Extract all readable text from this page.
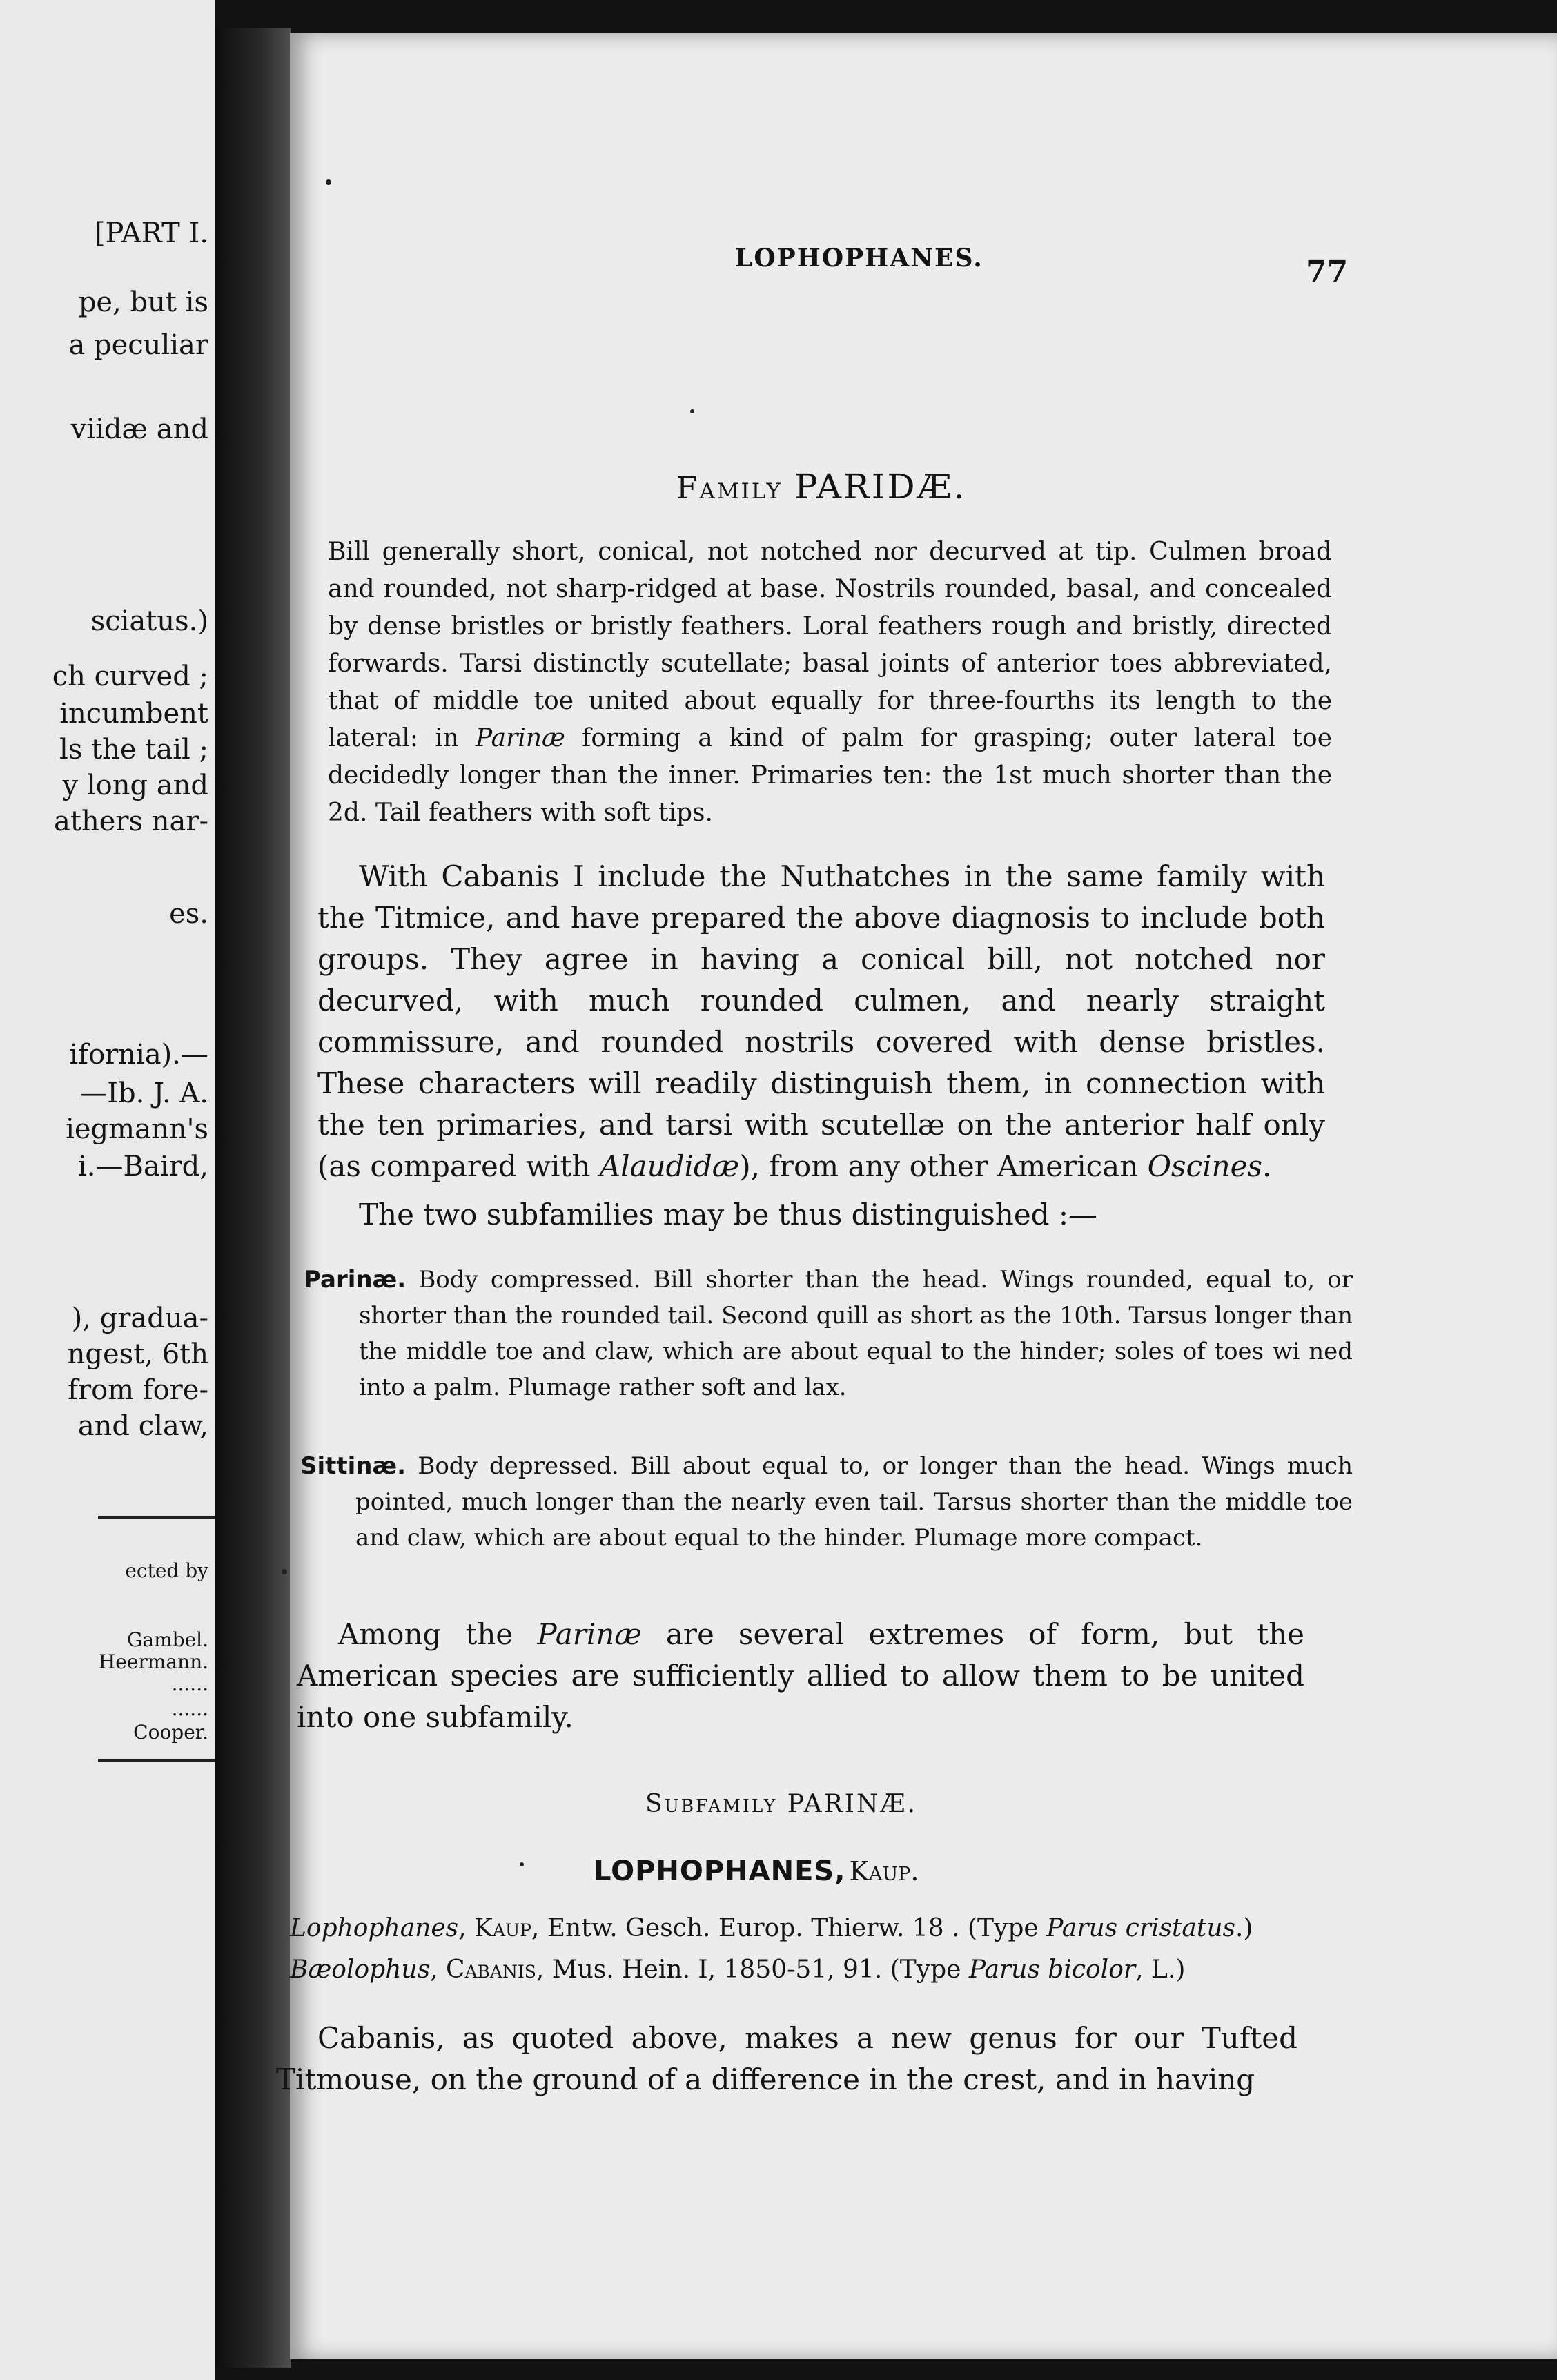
[PART I.
pe, but is
a peculiar
viidæ and
sciatus.)
ch curved ;
incumbent
ls the tail ;
y long and
athers nar-
es.
ifornia).—
—Ib. J. A.
iegmann's
i.—Baird,
), gradua-
ngest, 6th
from fore-
and claw,
ected by
Gambel.
Heermann.
......
......
Cooper.
LOPHOPHANES.	77
Family PARIDÆ.
Bill generally short, conical, not notched nor decurved at tip. Culmen broad and rounded, not sharp-ridged at base. Nostrils rounded, basal, and concealed by dense bristles or bristly feathers. Loral feathers rough and bristly, directed forwards. Tarsi distinctly scutellate; basal joints of anterior toes abbreviated, that of middle toe united about equally for three-fourths its length to the lateral: in Parinæ forming a kind of palm for grasping; outer lateral toe decidedly longer than the inner. Primaries ten: the 1st much shorter than the 2d. Tail feathers with soft tips.
With Cabanis I include the Nuthatches in the same family with the Titmice, and have prepared the above diagnosis to include both groups. They agree in having a conical bill, not notched nor decurved, with much rounded culmen, and nearly straight commissure, and rounded nostrils covered with dense bristles. These characters will readily distinguish them, in connection with the ten primaries, and tarsi with scutellæ on the anterior half only (as compared with Alaudidæ), from any other American Oscines.
The two subfamilies may be thus distinguished :—
Parinæ. Body compressed. Bill shorter than the head. Wings rounded, equal to, or shorter than the rounded tail. Second quill as short as the 10th. Tarsus longer than the middle toe and claw, which are about equal to the hinder; soles of toes wi ned into a palm. Plumage rather soft and lax.
Sittinæ. Body depressed. Bill about equal to, or longer than the head. Wings much pointed, much longer than the nearly even tail. Tarsus shorter than the middle toe and claw, which are about equal to the hinder. Plumage more compact.
Among the Parinæ are several extremes of form, but the American species are sufficiently allied to allow them to be united into one subfamily.
Subfamily PARINÆ.
LOPHOPHANES, Kaup.
Lophophanes, Kaup, Entw. Gesch. Europ. Thierw. 18 . (Type Parus cristatus.)
Bæolophus, Cabanis, Mus. Hein. I, 1850-51, 91. (Type Parus bicolor, L.)
Cabanis, as quoted above, makes a new genus for our Tufted Titmouse, on the ground of a difference in the crest, and in having
